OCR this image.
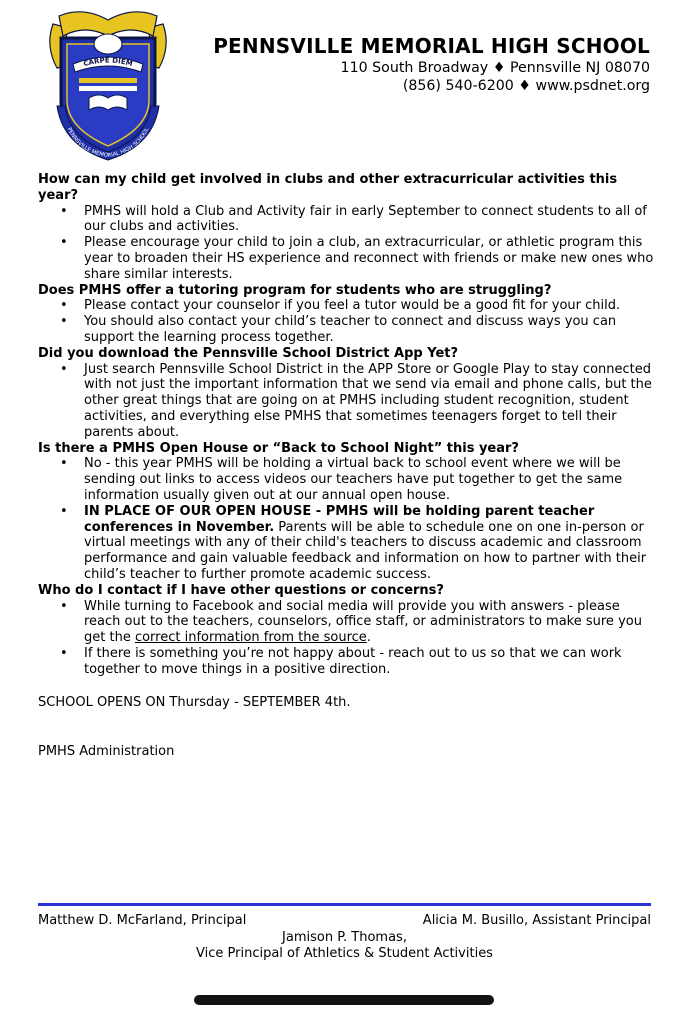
CARPE DIEM
PENNSVILLE MEMORIAL HIGH SCHOOL
PENNSVILLE MEMORIAL HIGH SCHOOL
110 South Broadway ♦ Pennsville NJ 08070
(856) 540-6200 ♦ www.psdnet.org

How can my child get involved in clubs and other extracurricular activities this year?

• PMHS will hold a Club and Activity fair in early September to connect students to all of our clubs and activities.
• Please encourage your child to join a club, an extracurricular, or athletic program this year to broaden their HS experience and reconnect with friends or make new ones who share similar interests.

Does PMHS offer a tutoring program for students who are struggling?

• Please contact your counselor if you feel a tutor would be a good fit for your child.
• You should also contact your child’s teacher to connect and discuss ways you can support the learning process together.

Did you download the Pennsville School District App Yet?

• Just search Pennsville School District in the APP Store or Google Play to stay connected with not just the important information that we send via email and phone calls, but the other great things that are going on at PMHS including student recognition, student activities, and everything else PMHS that sometimes teenagers forget to tell their parents about.

Is there a PMHS Open House or “Back to School Night” this year?

• No - this year PMHS will be holding a virtual back to school event where we will be sending out links to access videos our teachers have put together to get the same information usually given out at our annual open house.
• IN PLACE OF OUR OPEN HOUSE - PMHS will be holding parent teacher conferences in November. Parents will be able to schedule one on one in-person or virtual meetings with any of their child's teachers to discuss academic and classroom performance and gain valuable feedback and information on how to partner with their child’s teacher to further promote academic success.

Who do I contact if I have other questions or concerns?

• While turning to Facebook and social media will provide you with answers - please reach out to the teachers, counselors, office staff, or administrators to make sure you get the correct information from the source.
• If there is something you’re not happy about - reach out to us so that we can work together to move things in a positive direction.
SCHOOL OPENS ON Thursday - SEPTEMBER 4th.
PMHS Administration
Matthew D. McFarland, Principal	Alicia M. Busillo, Assistant Principal
Jamison P. Thomas,
Vice Principal of Athletics & Student Activities
